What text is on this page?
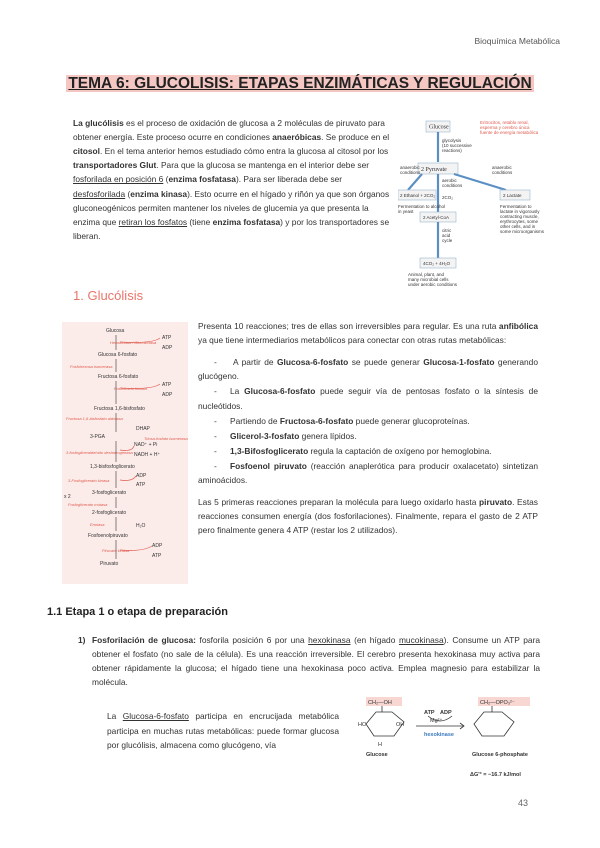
Bioquímica Metabólica
TEMA 6: GLUCOLISIS: ETAPAS ENZIMÁTICAS Y REGULACIÓN
La glucólisis es el proceso de oxidación de glucosa a 2 moléculas de piruvato para obtener energía. Este proceso ocurre en condiciones anaeróbicas. Se produce en el citosol. En el tema anterior hemos estudiado cómo entra la glucosa al citosol por los transportadores Glut. Para que la glucosa se mantenga en el interior debe ser fosforilada en posición 6 (enzima fosfatasa). Para ser liberada debe ser desfosforilada (enzima kinasa). Esto ocurre en el hígado y riñón ya que son órganos gluconeogénicos permiten mantener los niveles de glucemia ya que presenta la enzima que retiran los fosfatos (tiene enzima fosfatasa) y por los transportadores se liberan.
Glucose
Eritrocitos, retablo renal,
esperma y cerebro única
fuente de energía metabólica
glycolysis
(10 successive
reactions)
2 Pyruvate
anaerobic
conditions
anaerobic
conditions
aerobic
conditions
2CO₂
2 Ethanol + 2CO₂	2 Lactate
Fermentation to alcohol
in yeast
Fermentation to
lactate in vigorously
contracting muscle,
erythrocytes, some
other cells, and in
some microorganisms
2 Acetyl-CoA
citric
acid
cycle
4CO₂ + 4H₂O
Animal, plant, and
many microbial cells
under aerobic conditions
1. Glucólisis
Glucosa
Glucosa 6-fosfato
Fructosa 6-fosfato
Fructosa 1,6-bisfosfato
DHAP
3-PGA
1,3-bisfosfoglicerato
3-fosfoglicerato
2-fosfoglicerato
Fosfoenolpiruvato
Piruvato
ATP
ADP
ATP
ADP
NAD⁺ + Pi
NADH + H⁺
ADP
ATP
H₂O
ADP
ATP
x 2
Hexokinasa / Glucokinasa
Fosfohexosa isomerasa
Fosfofructo kinasa
Fructosa 1,6-bisfosfato aldolasa
Triosa-fosfato isomerasa
3-fosfogliceraldehído deshidrogenasa
3-Fosfoglicerato kinasa
Fosfoglicerato mutasa
Enolasa
Piruvato kinasa

Presenta 10 reacciones; tres de ellas son irreversibles para regular. Es una ruta anfibólica ya que tiene intermediarios metabólicos para conectar con otras rutas metabólicas:

- A partir de Glucosa-6-fosfato se puede generar Glucosa-1-fosfato generando glucógeno.
- La Glucosa-6-fosfato puede seguir vía de pentosas fosfato o la síntesis de nucleótidos.
- Partiendo de Fructosa-6-fosfato puede generar glucoproteínas.
- Glicerol-3-fosfato genera lípidos.
- 1,3-Bifosfoglicerato regula la captación de oxígeno por hemoglobina.
- Fosfoenol piruvato (reacción anaplerótica para producir oxalacetato) sintetizan aminoácidos.

Las 5 primeras reacciones preparan la molécula para luego oxidarlo hasta piruvato. Estas reacciones consumen energía (dos fosforilaciones). Finalmente, repara el gasto de 2 ATP pero finalmente genera 4 ATP (restar los 2 utilizados).

1.1 Etapa 1 o etapa de preparación
1) Fosforilación de glucosa: fosforila posición 6 por una hexokinasa (en hígado mucokinasa). Consume un ATP para obtener el fosfato (no sale de la célula). Es una reacción irreversible. El cerebro presenta hexokinasa muy activa para obtener rápidamente la glucosa; el hígado tiene una hexokinasa poco activa. Emplea magnesio para estabilizar la molécula.
La Glucosa-6-fosfato participa en encrucijada metabólica participa en muchas rutas metabólicas: puede formar glucosa por glucólisis, almacena como glucógeno, vía
CH₂—OH	CH₂—OPO₃²⁻
ATP ADP
Mg²⁺
hexokinase
Glucose	Glucose 6-phosphate
ΔG'° = −16.7 kJ/mol
HO	OH
H
43
